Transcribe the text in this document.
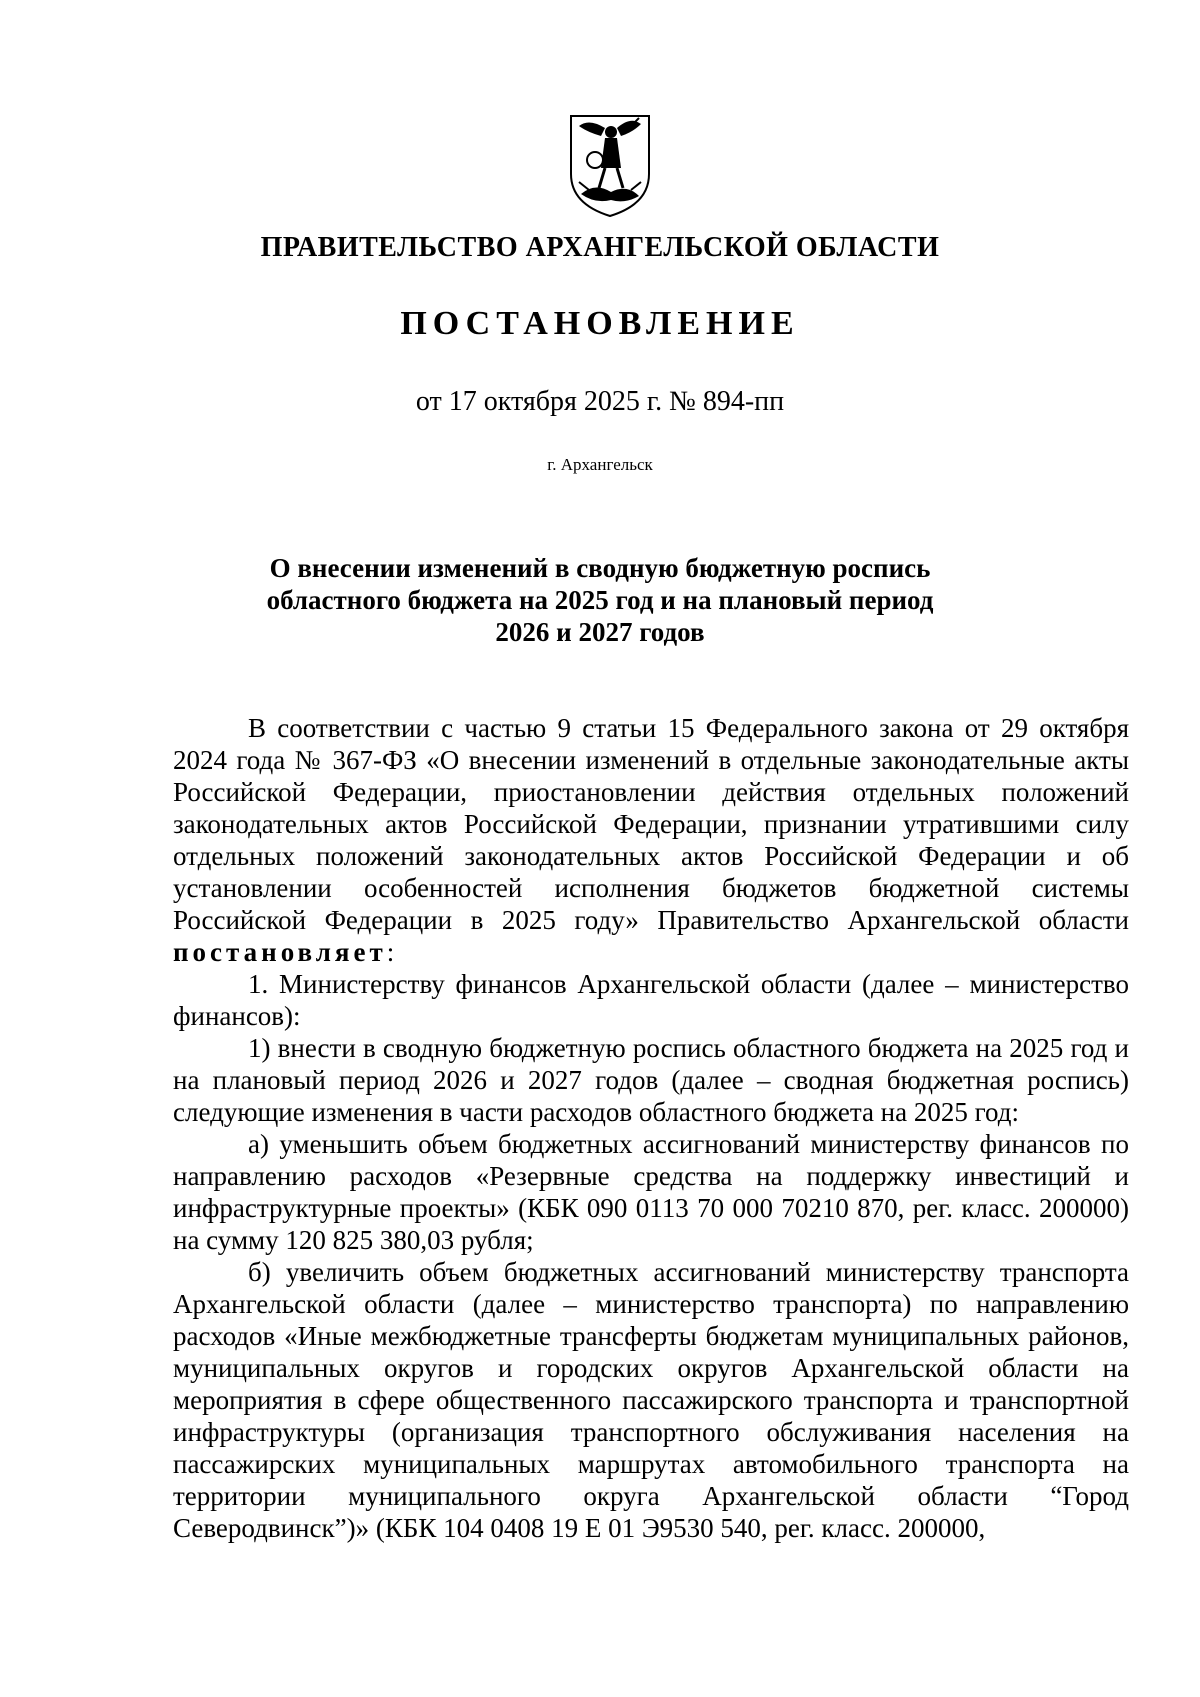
ПРАВИТЕЛЬСТВО АРХАНГЕЛЬСКОЙ ОБЛАСТИ
ПОСТАНОВЛЕНИЕ

от 17 октября 2025 г. № 894-пп

г. Архангельск

О внесении изменений в сводную бюджетную роспись
областного бюджета на 2025 год и на плановый период
2026 и 2027 годов

В соответствии с частью 9 статьи 15 Федерального закона от 29 октября 2024 года № 367-ФЗ «О внесении изменений в отдельные законодательные акты Российской Федерации, приостановлении действия отдельных положений законодательных актов Российской Федерации, признании утратившими силу отдельных положений законодательных актов Российской Федерации и об установлении особенностей исполнения бюджетов бюджетной системы Российской Федерации в 2025 году» Правительство Архангельской области постановляет:

1. Министерству финансов Архангельской области (далее – министерство финансов):

1) внести в сводную бюджетную роспись областного бюджета на 2025 год и на плановый период 2026 и 2027 годов (далее – сводная бюджетная роспись) следующие изменения в части расходов областного бюджета на 2025 год:

а) уменьшить объем бюджетных ассигнований министерству финансов по направлению расходов «Резервные средства на поддержку инвестиций и инфраструктурные проекты» (КБК 090 0113 70 000 70210 870, рег. класс. 200000) на сумму 120 825 380,03 рубля;

б) увеличить объем бюджетных ассигнований министерству транспорта Архангельской области (далее – министерство транспорта) по направлению расходов «Иные межбюджетные трансферты бюджетам муниципальных районов, муниципальных округов и городских округов Архангельской области на мероприятия в сфере общественного пассажирского транспорта и транспортной инфраструктуры (организация транспортного обслуживания населения на пассажирских муниципальных маршрутах автомобильного транспорта на территории муниципального округа Архангельской области “Город Северодвинск”)» (КБК 104 0408 19 Е 01 Э9530 540, рег. класс. 200000,
